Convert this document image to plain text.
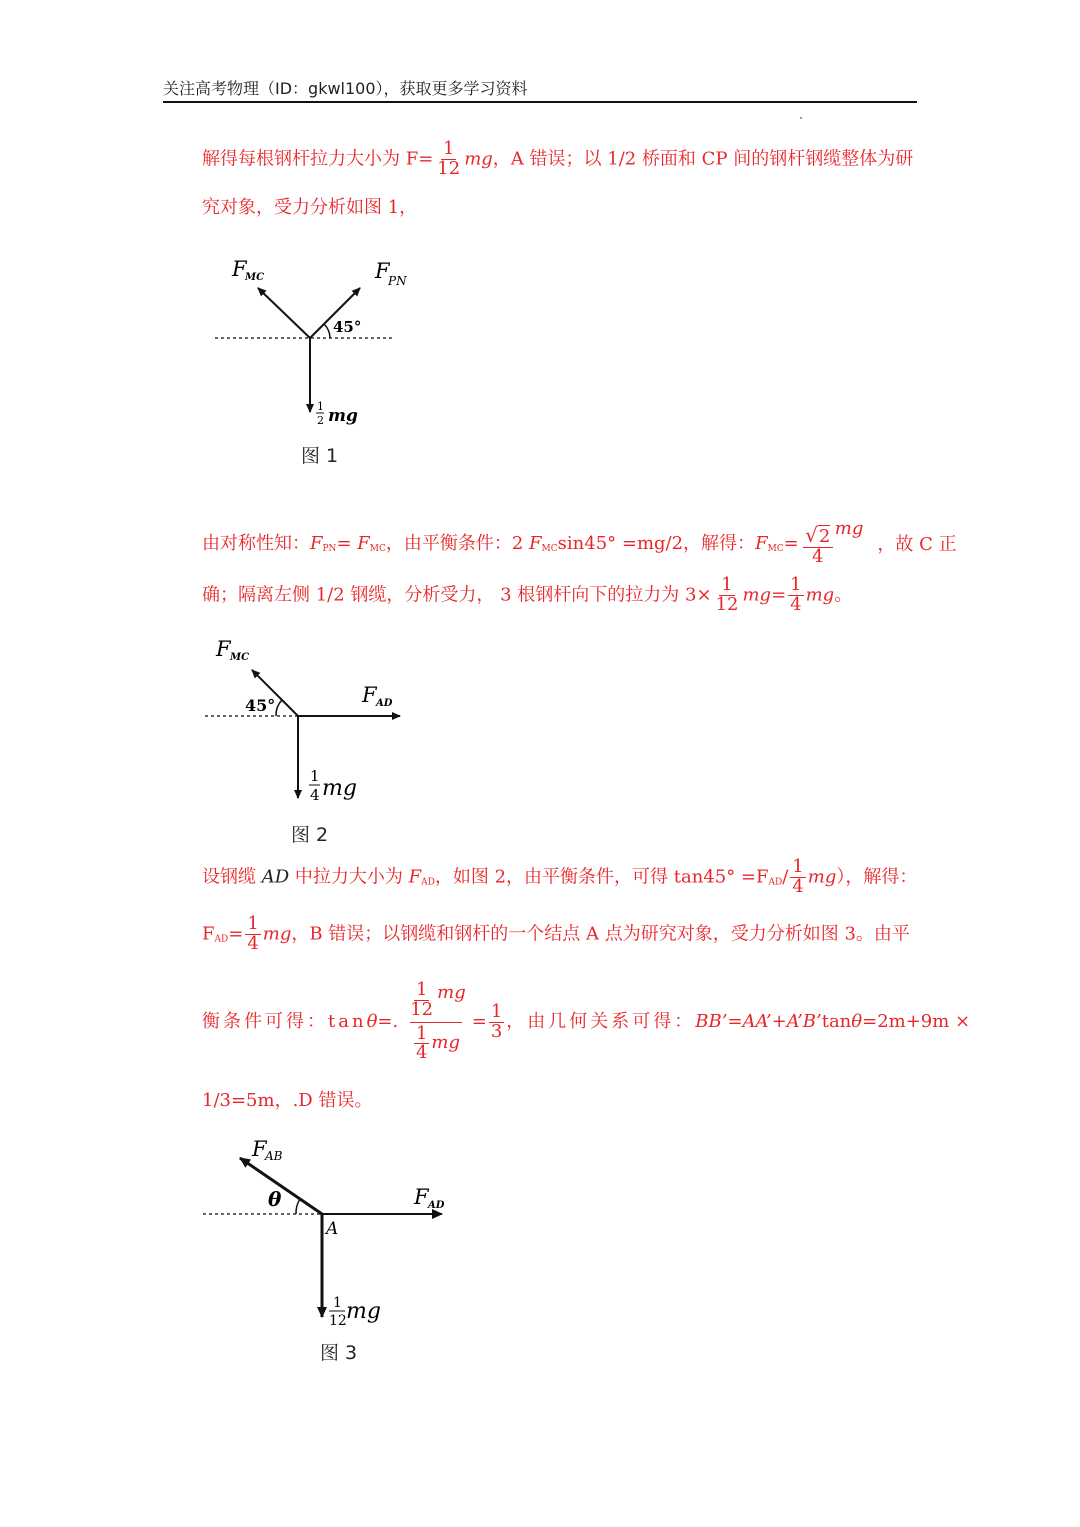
关注高考物理（ID：gkwl100），获取更多学习资料
解得每根钢杆拉力大小为 $F= \frac{1}{12}$ mg，A 错误；以 1/2 桥面和 CP 间的钢杆钢缆整体为研
究对象，受力分析如图 1，
45°
F
MC	F
PN
1
2 mg
图 1
由对称性知：$F_{PN}= F_{MC}$，由平衡条件：2 $F_{MC}\sin 45^\circ =mg/2$，解得：$F_{MC}= \frac{√2}{4}$ mg
，故 C 正
确；隔离左侧 1/2 钢缆，分析受力， 3 根钢杆向下的拉力为 $3\times \frac{1}{12} mg= \frac{1}{4}$ mg。
45°
F MC
F AD
1
4 mg
图 2
设钢缆 AD 中拉力大小为 $F_{AD}$，如图 2，由平衡条件，可得 $\tan 45^\circ =F_{AD}/ \frac{1}{4} mg$），解得：
$F_{AD}= \frac{1}{4}$ mg，B 错误；以钢缆和钢杆的一个结点 A 点为研究对象，受力分析如图 3。由平
衡条件可得：tan θ =. $\frac{\frac{1}{12} mg}{\frac{1}{4} mg} = \frac{1}{3}$ ，由几何关系可得： BB’=AA’+A’B’ tan θ =2m+9m ×
1/3=5m，.D 错误。
θ
F
AB
F AD
A
1
12 mg
图 3
